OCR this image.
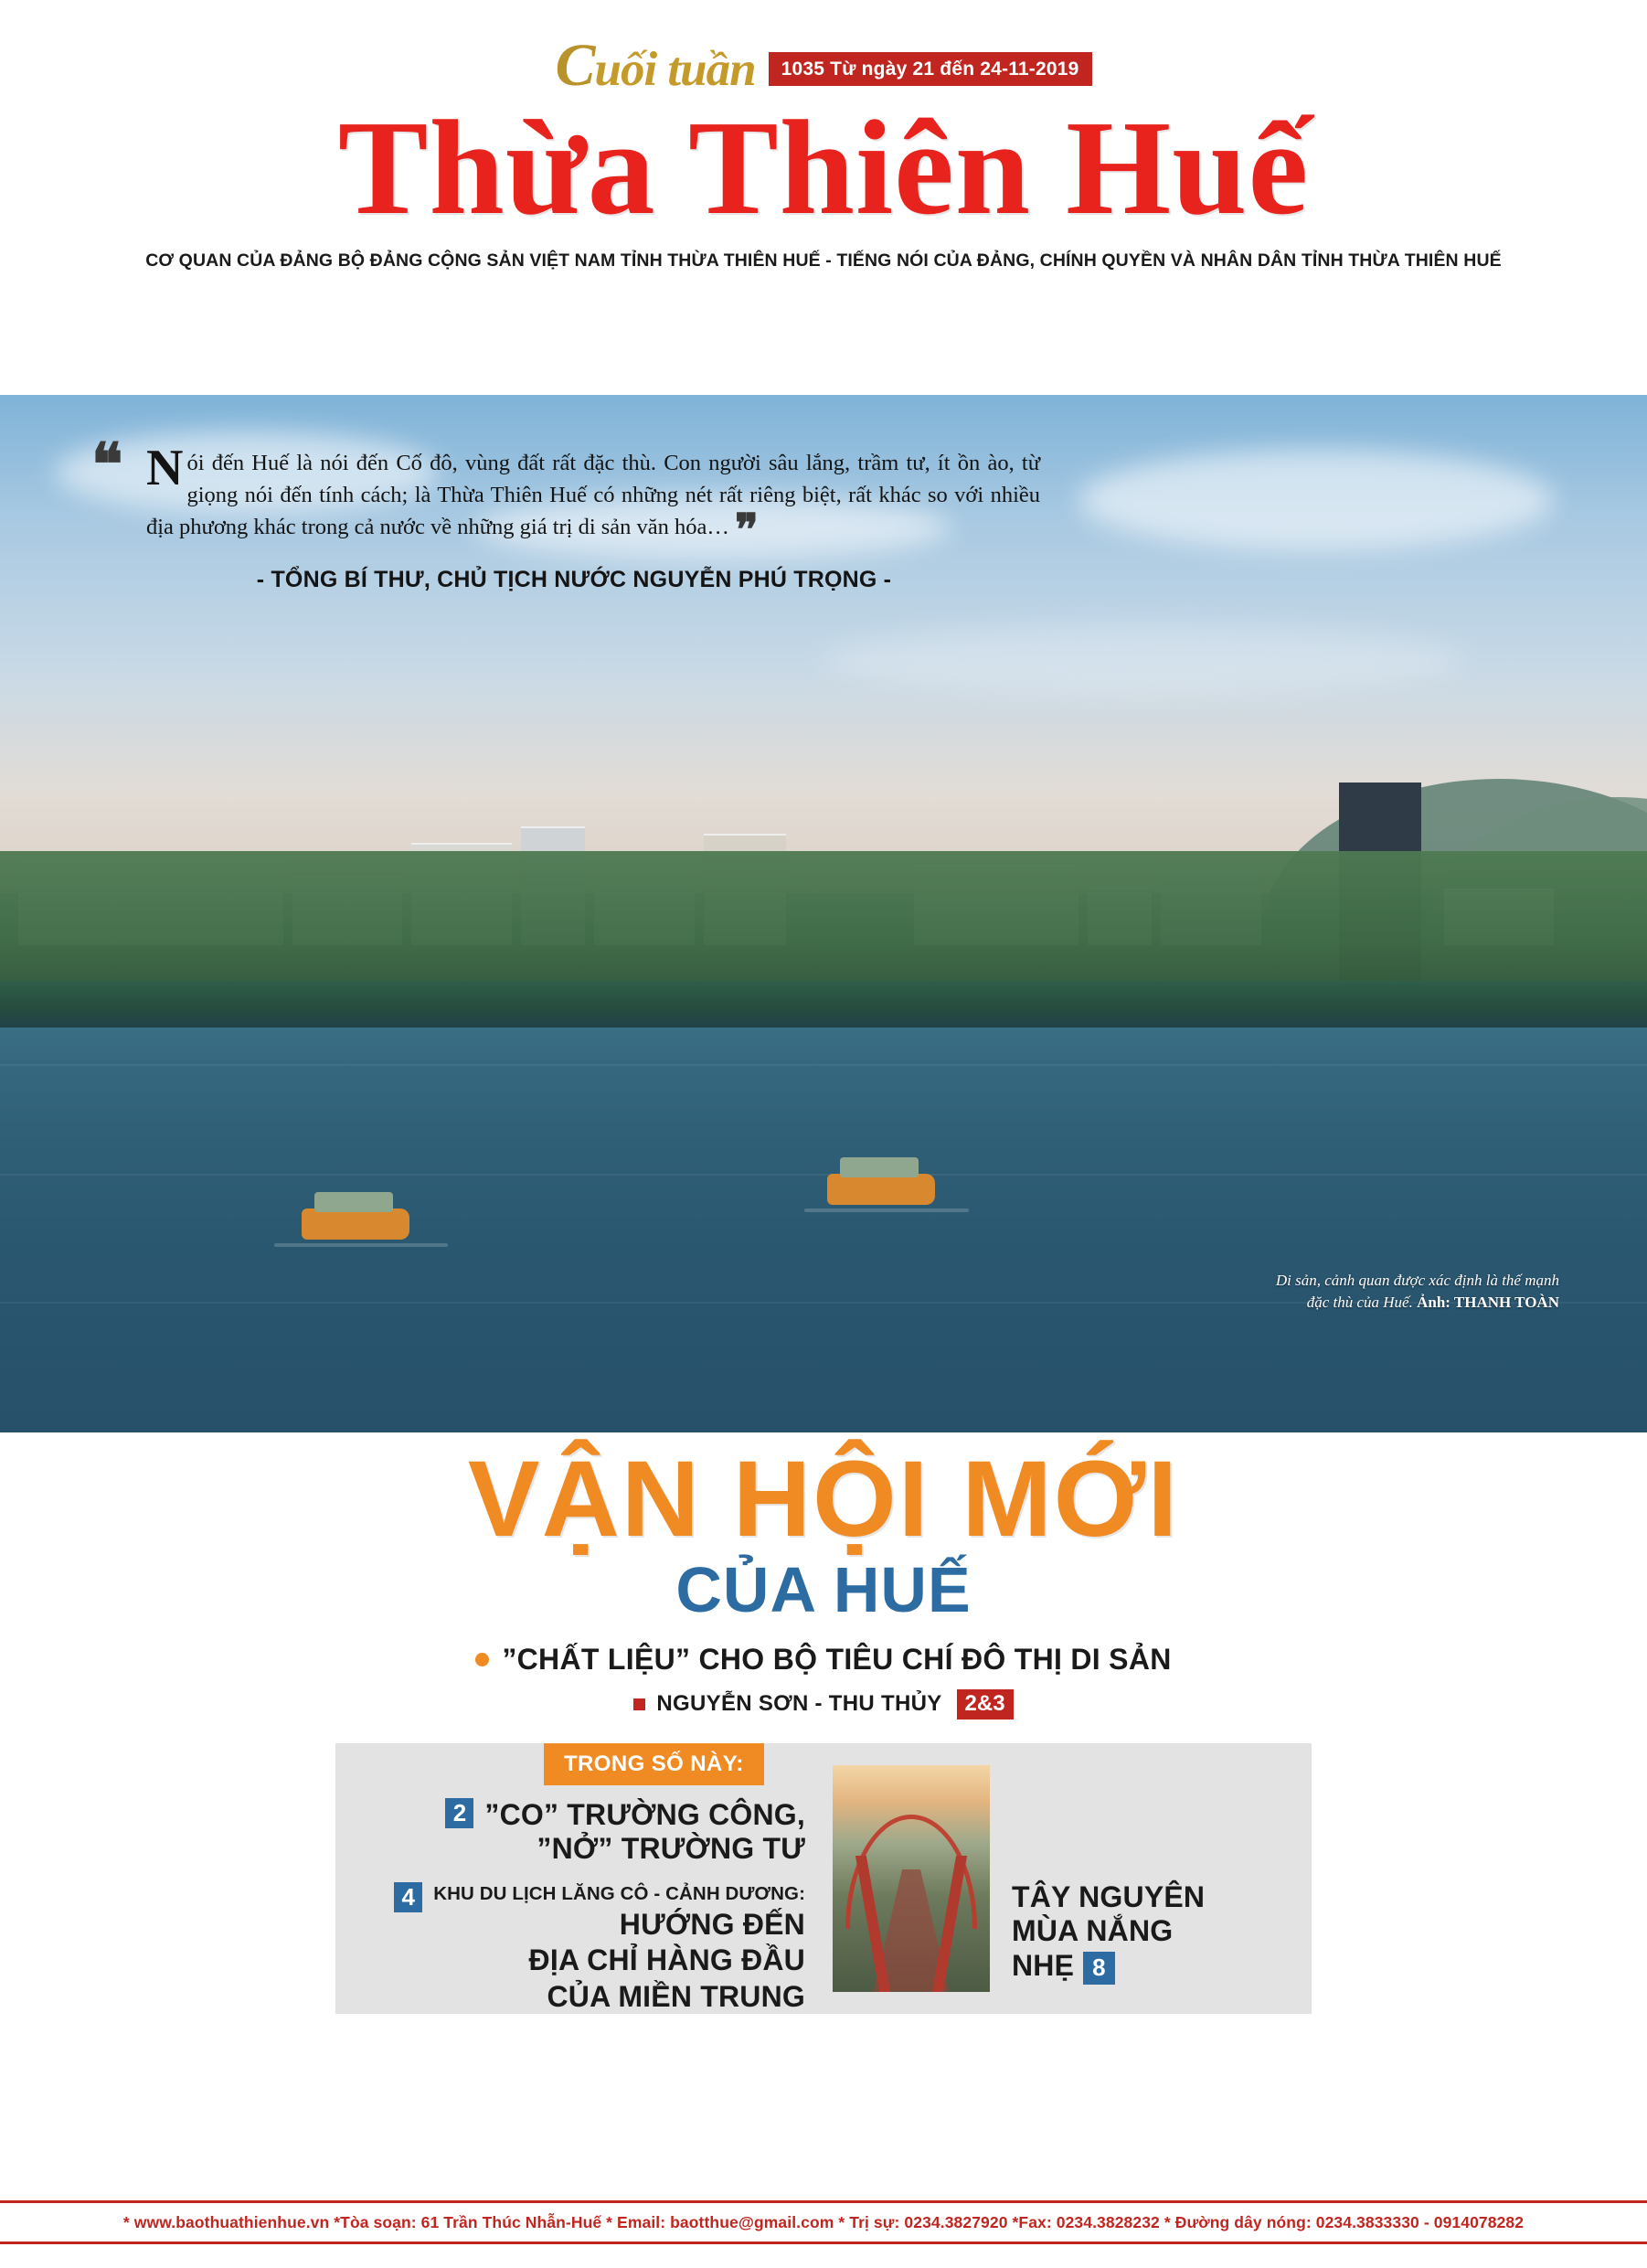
Cuối tuần	1035 Từ ngày 21 đến 24-11-2019
Thừa Thiên Huế
CƠ QUAN CỦA ĐẢNG BỘ ĐẢNG CỘNG SẢN VIỆT NAM TỈNH THỪA THIÊN HUẾ - TIẾNG NÓI CỦA ĐẢNG, CHÍNH QUYỀN VÀ NHÂN DÂN TỈNH THỪA THIÊN HUẾ
❝ Nói đến Huế là nói đến Cố đô, vùng đất rất đặc thù. Con người sâu lắng, trầm tư, ít ồn ào, từ giọng nói đến tính cách; là Thừa Thiên Huế có những nét rất riêng biệt, rất khác so với nhiều địa phương khác trong cả nước về những giá trị di sản văn hóa… ❞
- TỔNG BÍ THƯ, CHỦ TỊCH NƯỚC NGUYỄN PHÚ TRỌNG -
Di sản, cảnh quan được xác định là thế mạnh
đặc thù của Huế. Ảnh: THANH TOÀN
VẬN HỘI MỚI
CỦA HUẾ
”CHẤT LIỆU” CHO BỘ TIÊU CHÍ ĐÔ THỊ DI SẢN
NGUYỄN SƠN - THU THỦY	2&3
TRONG SỐ NÀY:
2 ”CO” TRƯỜNG CÔNG,
”NỞ” TRƯỜNG TƯ
4 KHU DU LỊCH LĂNG CÔ - CẢNH DƯƠNG:
HƯỚNG ĐẾN
ĐỊA CHỈ HÀNG ĐẦU
CỦA MIỀN TRUNG
TÂY NGUYÊN
MÙA NẮNG
NHẸ 8
* www.baothuathienhue.vn *Tòa soạn: 61 Trần Thúc Nhẫn-Huế * Email: baotthue@gmail.com * Trị sự: 0234.3827920 *Fax: 0234.3828232 * Đường dây nóng: 0234.3833330 - 0914078282
